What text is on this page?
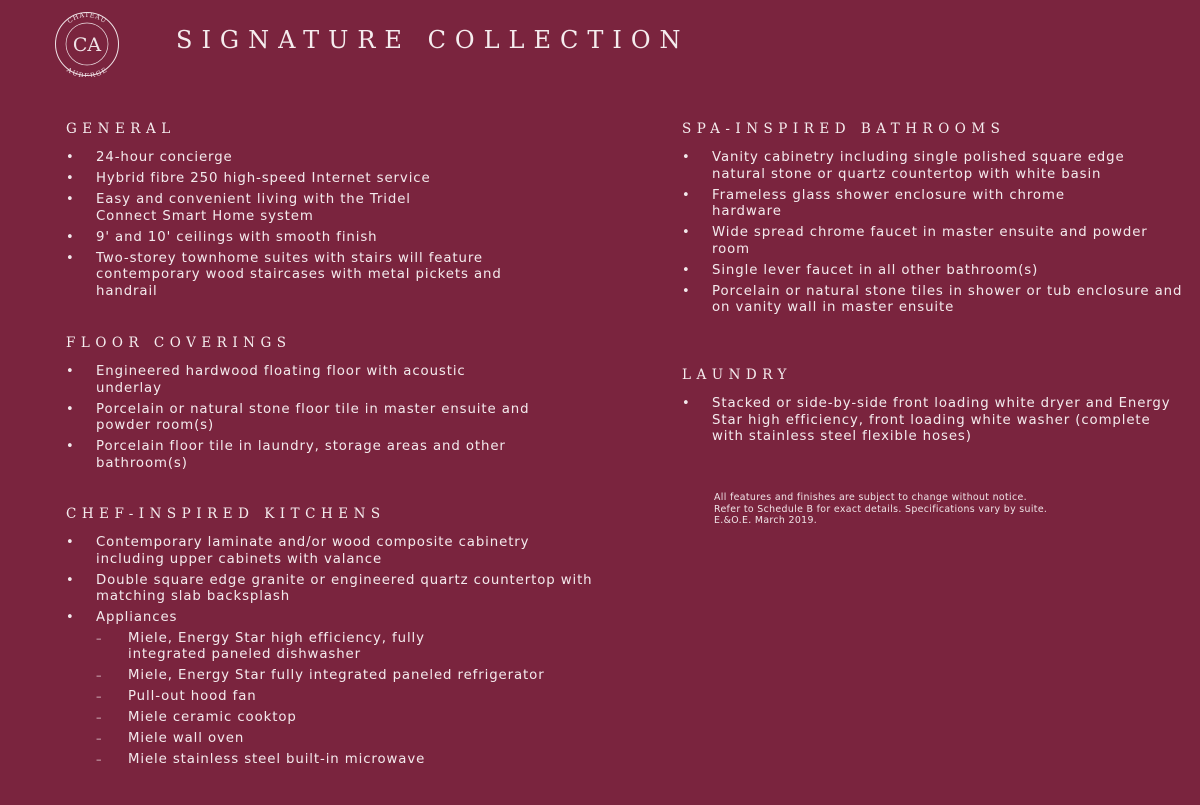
CHATEAU
AUBERGE
CA	SIGNATURE COLLECTION
GENERAL
• 24-hour concierge
• Hybrid fibre 250 high-speed Internet service
• Easy and convenient living with the Tridel Connect Smart Home system
• 9' and 10' ceilings with smooth finish
• Two-storey townhome suites with stairs will feature contemporary wood staircases with metal pickets and handrail
FLOOR COVERINGS
• Engineered hardwood floating floor with acoustic underlay
• Porcelain or natural stone floor tile in master ensuite and powder room(s)
• Porcelain floor tile in laundry, storage areas and other bathroom(s)
CHEF-INSPIRED KITCHENS
• Contemporary laminate and/or wood composite cabinetry including upper cabinets with valance
• Double square edge granite or engineered quartz countertop with matching slab backsplash
• Appliances
– Miele, Energy Star high efficiency, fully integrated paneled dishwasher
– Miele, Energy Star fully integrated paneled refrigerator
– Pull-out hood fan
– Miele ceramic cooktop
– Miele wall oven
– Miele stainless steel built-in microwave
SPA-INSPIRED BATHROOMS
• Vanity cabinetry including single polished square edge natural stone or quartz countertop with white basin
• Frameless glass shower enclosure with chrome hardware
• Wide spread chrome faucet in master ensuite and powder room
• Single lever faucet in all other bathroom(s)
• Porcelain or natural stone tiles in shower or tub enclosure and on vanity wall in master ensuite
LAUNDRY
• Stacked or side-by-side front loading white dryer and Energy Star high efficiency, front loading white washer (complete with stainless steel flexible hoses)
All features and finishes are subject to change without notice.
Refer to Schedule B for exact details. Specifications vary by suite.
E.&O.E. March 2019.
